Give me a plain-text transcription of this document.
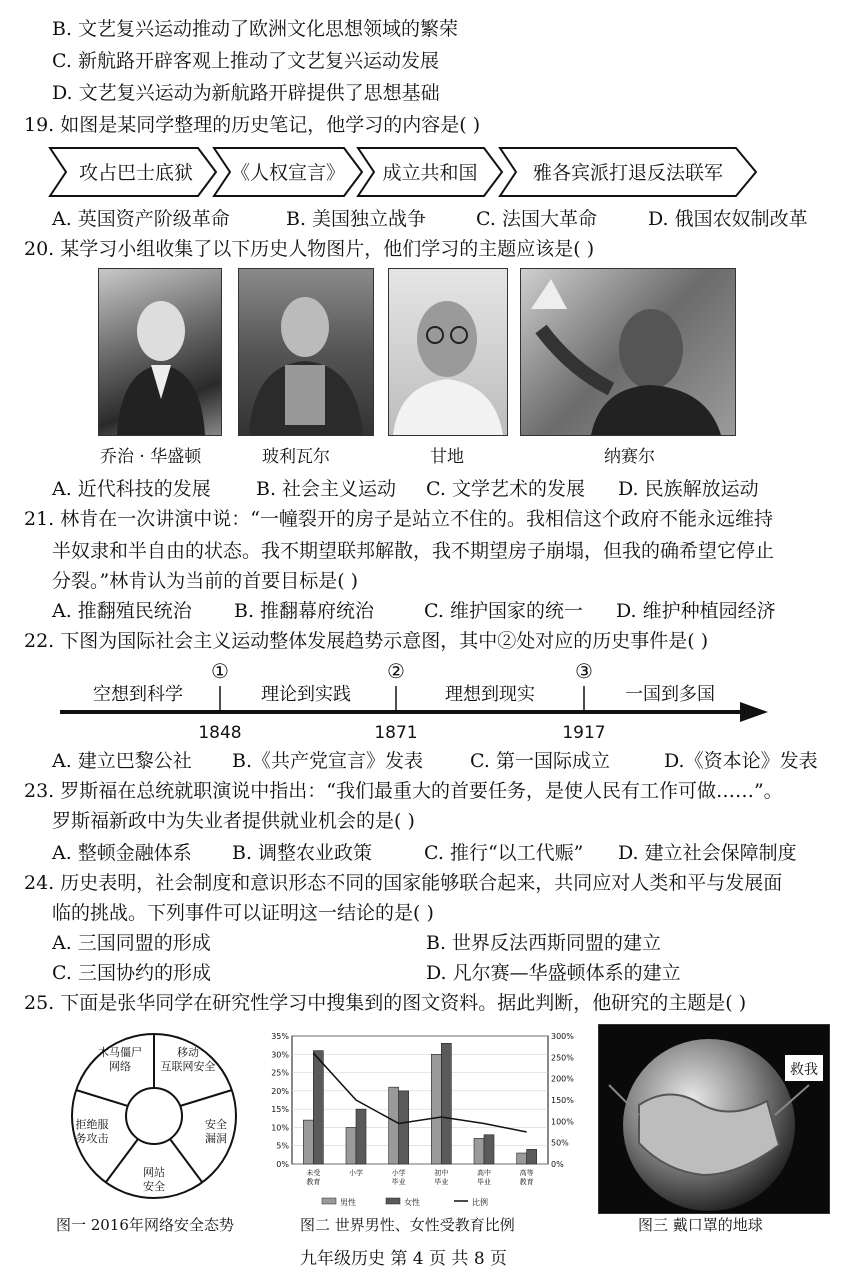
B. 文艺复兴运动推动了欧洲文化思想领域的繁荣
C. 新航路开辟客观上推动了文艺复兴运动发展
D. 文艺复兴运动为新航路开辟提供了思想基础
19. 如图是某同学整理的历史笔记，他学习的内容是( )
攻占巴士底狱 《人权宣言》 成立共和国	雅各宾派打退反法联军
A. 英国资产阶级革命	B. 美国独立战争	C. 法国大革命	D. 俄国农奴制改革
20. 某学习小组收集了以下历史人物图片，他们学习的主题应该是( )
乔治 · 华盛顿	玻利瓦尔	甘地	纳赛尔
A. 近代科技的发展 B. 社会主义运动 C. 文学艺术的发展 D. 民族解放运动
21. 林肯在一次讲演中说：“一幢裂开的房子是站立不住的。我相信这个政府不能永远维持
半奴隶和半自由的状态。我不期望联邦解散，我不期望房子崩塌，但我的确希望它停止
分裂。”林肯认为当前的首要目标是( )
A. 推翻殖民统治 B. 推翻幕府统治	C. 维护国家的统一 D. 维护种植园经济
22. 下图为国际社会主义运动整体发展趋势示意图，其中②处对应的历史事件是( )
①	②	③
空想到科学	理论到实践	理想到现实	一国到多国
1848	1871	1917
A. 建立巴黎公社 B.《共产党宣言》发表 C. 第一国际成立	D.《资本论》发表
23. 罗斯福在总统就职演说中指出：“我们最重大的首要任务，是使人民有工作可做……”。
罗斯福新政中为失业者提供就业机会的是( )
A. 整顿金融体系 B. 调整农业政策	C. 推行“以工代赈” D. 建立社会保障制度
24. 历史表明，社会制度和意识形态不同的国家能够联合起来，共同应对人类和平与发展面
临的挑战。下列事件可以证明这一结论的是( )
A. 三国同盟的形成	B. 世界反法西斯同盟的建立
C. 三国协约的形成	D. 凡尔赛—华盛顿体系的建立
25. 下面是张华同学在研究性学习中搜集到的图文资料。据此判断，他研究的主题是( )
木马僵尸网络
移动互联网安全
安全漏洞
网站安全
拒绝服务攻击
35%
30%
25%
20%
15%
10%
5%
0%
300%
250%
200%
150%
100%
50%
0%
未受教育
小学	小学毕业
初中毕业
高中毕业
高等教育
男性	女性	比例
救我
图一 2016年网络安全态势	图二 世界男性、女性受教育比例	图三 戴口罩的地球
九年级历史 第 4 页 共 8 页
